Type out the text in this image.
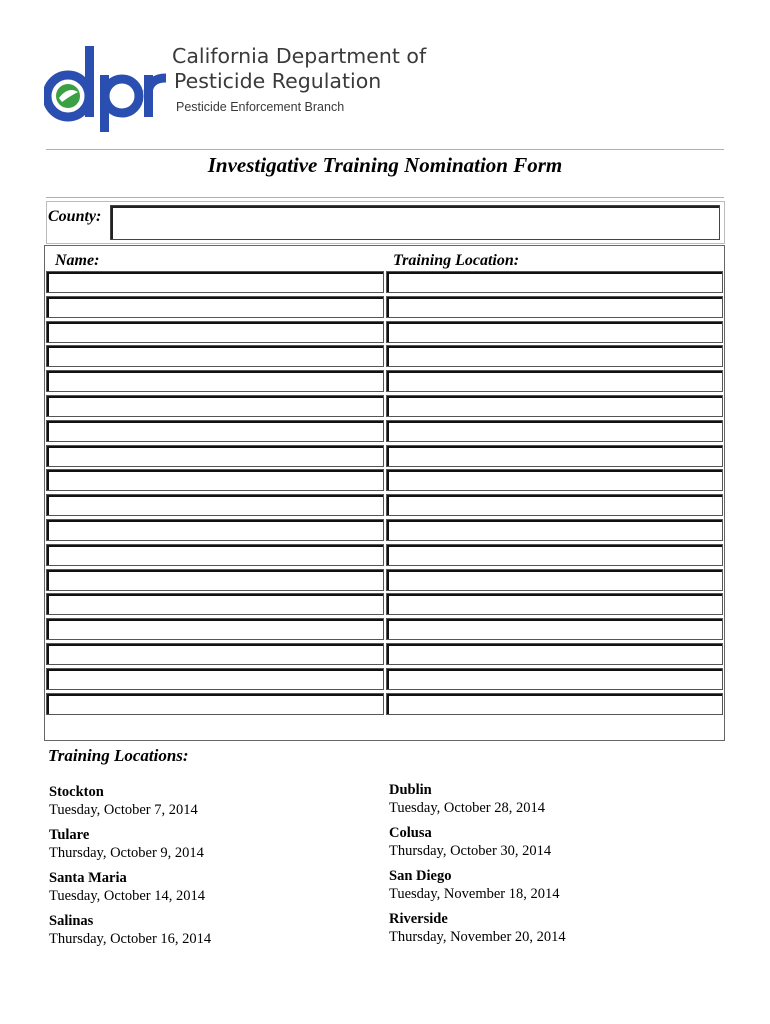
California Department of
Pesticide Regulation
Pesticide Enforcement Branch
Investigative Training Nomination Form
County:
Name:	Training Location:
Training Locations:
Stockton
Tuesday, October 7, 2014
Tulare
Thursday, October 9, 2014
Santa Maria
Tuesday, October 14, 2014
Salinas
Thursday, October 16, 2014
Dublin
Tuesday, October 28, 2014
Colusa
Thursday, October 30, 2014
San Diego
Tuesday, November 18, 2014
Riverside
Thursday, November 20, 2014
